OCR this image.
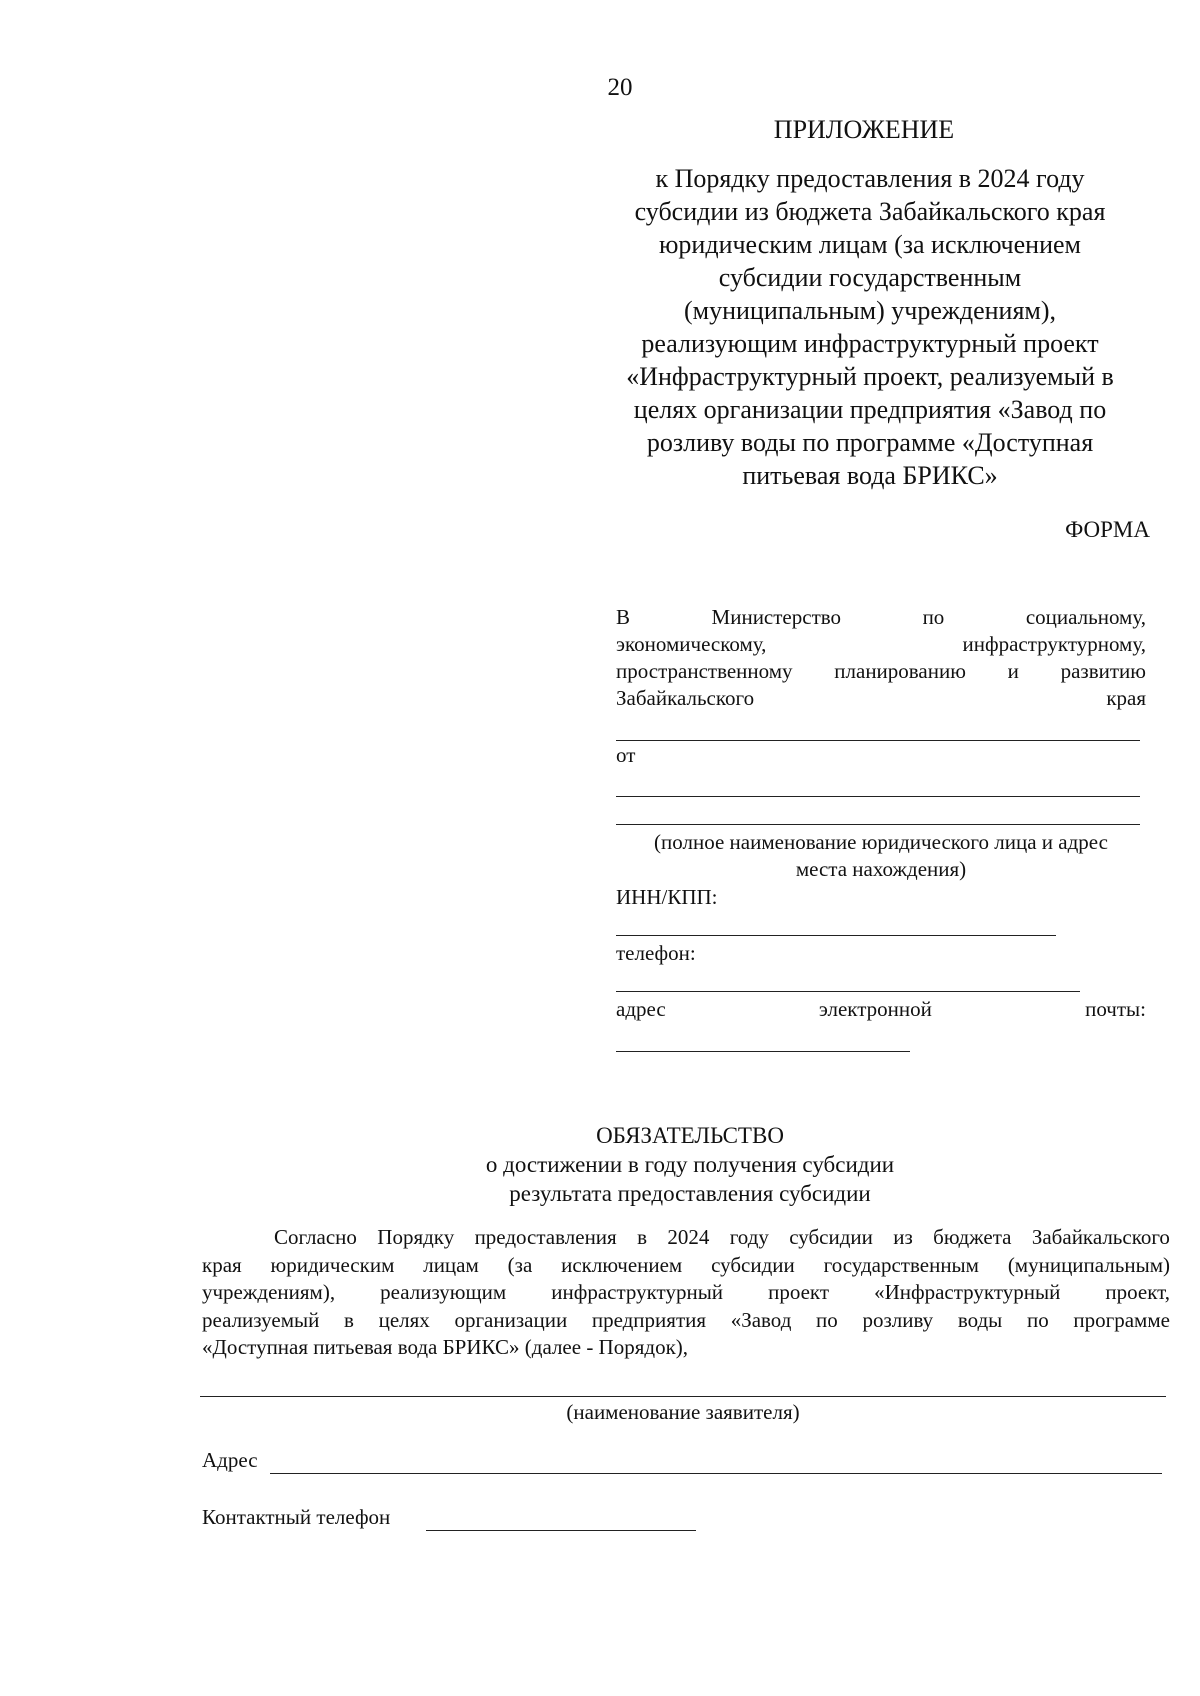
20
ПРИЛОЖЕНИЕ
к Порядку предоставления в 2024 году
субсидии из бюджета Забайкальского края
юридическим лицам (за исключением
субсидии государственным
(муниципальным) учреждениям),
реализующим инфраструктурный проект
«Инфраструктурный проект, реализуемый в
целях организации предприятия «Завод по
розливу воды по программе «Доступная
питьевая вода БРИКС»
ФОРМА
В	Министерство	по	социальному,
экономическому,	инфраструктурному,
пространственному планированию и развитию
Забайкальского	края
от
(полное наименование юридического лица и адрес
места нахождения)
ИНН/КПП:
телефон:
адрес	электронной	почты:
ОБЯЗАТЕЛЬСТВО
о достижении в году получения субсидии
результата предоставления субсидии
Согласно Порядку предоставления в 2024 году субсидии из бюджета Забайкальского
края юридическим лицам (за исключением субсидии государственным (муниципальным)
учреждениям), реализующим инфраструктурный проект «Инфраструктурный проект,
реализуемый в целях организации предприятия «Завод по розливу воды по программе
«Доступная питьевая вода БРИКС» (далее - Порядок),
(наименование заявителя)
Адрес
Контактный телефон
